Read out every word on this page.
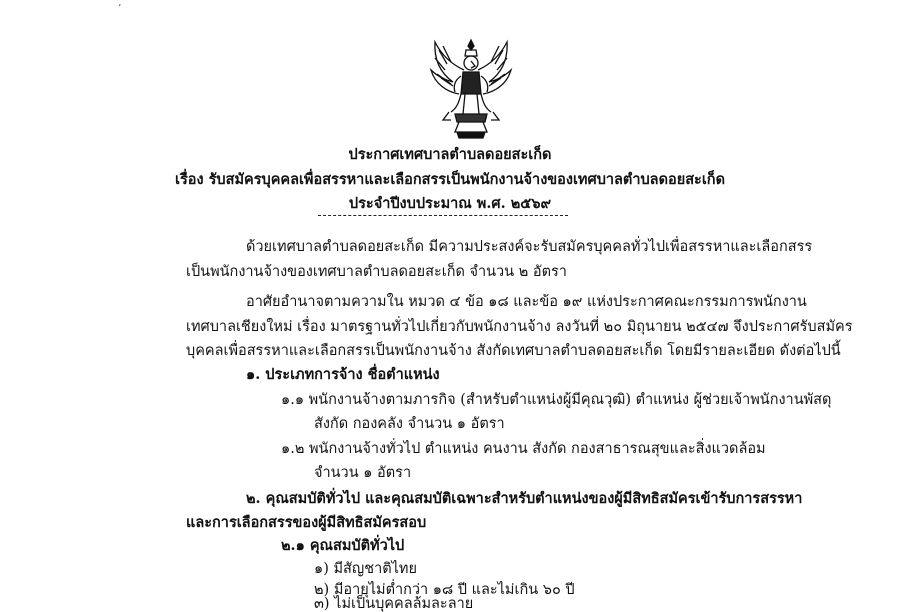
ʼ
ประกาศเทศบาลตำบลดอยสะเก็ด
เรื่อง รับสมัครบุคคลเพื่อสรรหาและเลือกสรรเป็นพนักงานจ้างของเทศบาลตำบลดอยสะเก็ด
ประจำปีงบประมาณ พ.ศ. ๒๕๖๙
ด้วยเทศบาลตำบลดอยสะเก็ด มีความประสงค์จะรับสมัครบุคคลทั่วไปเพื่อสรรหาและเลือกสรร
เป็นพนักงานจ้างของเทศบาลตำบลดอยสะเก็ด จำนวน ๒ อัตรา
อาศัยอำนาจตามความใน หมวด ๔ ข้อ ๑๘ และข้อ ๑๙ แห่งประกาศคณะกรรมการพนักงาน
เทศบาลเชียงใหม่ เรื่อง มาตรฐานทั่วไปเกี่ยวกับพนักงานจ้าง ลงวันที่ ๒๐ มิถุนายน ๒๕๔๗ จึงประกาศรับสมัคร
บุคคลเพื่อสรรหาและเลือกสรรเป็นพนักงานจ้าง สังกัดเทศบาลตำบลดอยสะเก็ด โดยมีรายละเอียด ดังต่อไปนี้
๑. ประเภทการจ้าง ชื่อตำแหน่ง
๑.๑ พนักงานจ้างตามภารกิจ (สำหรับตำแหน่งผู้มีคุณวุฒิ) ตำแหน่ง ผู้ช่วยเจ้าพนักงานพัสดุ
สังกัด กองคลัง จำนวน ๑ อัตรา
๑.๒ พนักงานจ้างทั่วไป ตำแหน่ง คนงาน สังกัด กองสาธารณสุขและสิ่งแวดล้อม
จำนวน ๑ อัตรา
๒. คุณสมบัติทั่วไป และคุณสมบัติเฉพาะสำหรับตำแหน่งของผู้มีสิทธิสมัครเข้ารับการสรรหา
และการเลือกสรรของผู้มีสิทธิสมัครสอบ
๒.๑ คุณสมบัติทั่วไป
๑) มีสัญชาติไทย
๒) มีอายุไม่ต่ำกว่า ๑๘ ปี และไม่เกิน ๖๐ ปี
๓) ไม่เป็นบุคคลล้มละลาย
